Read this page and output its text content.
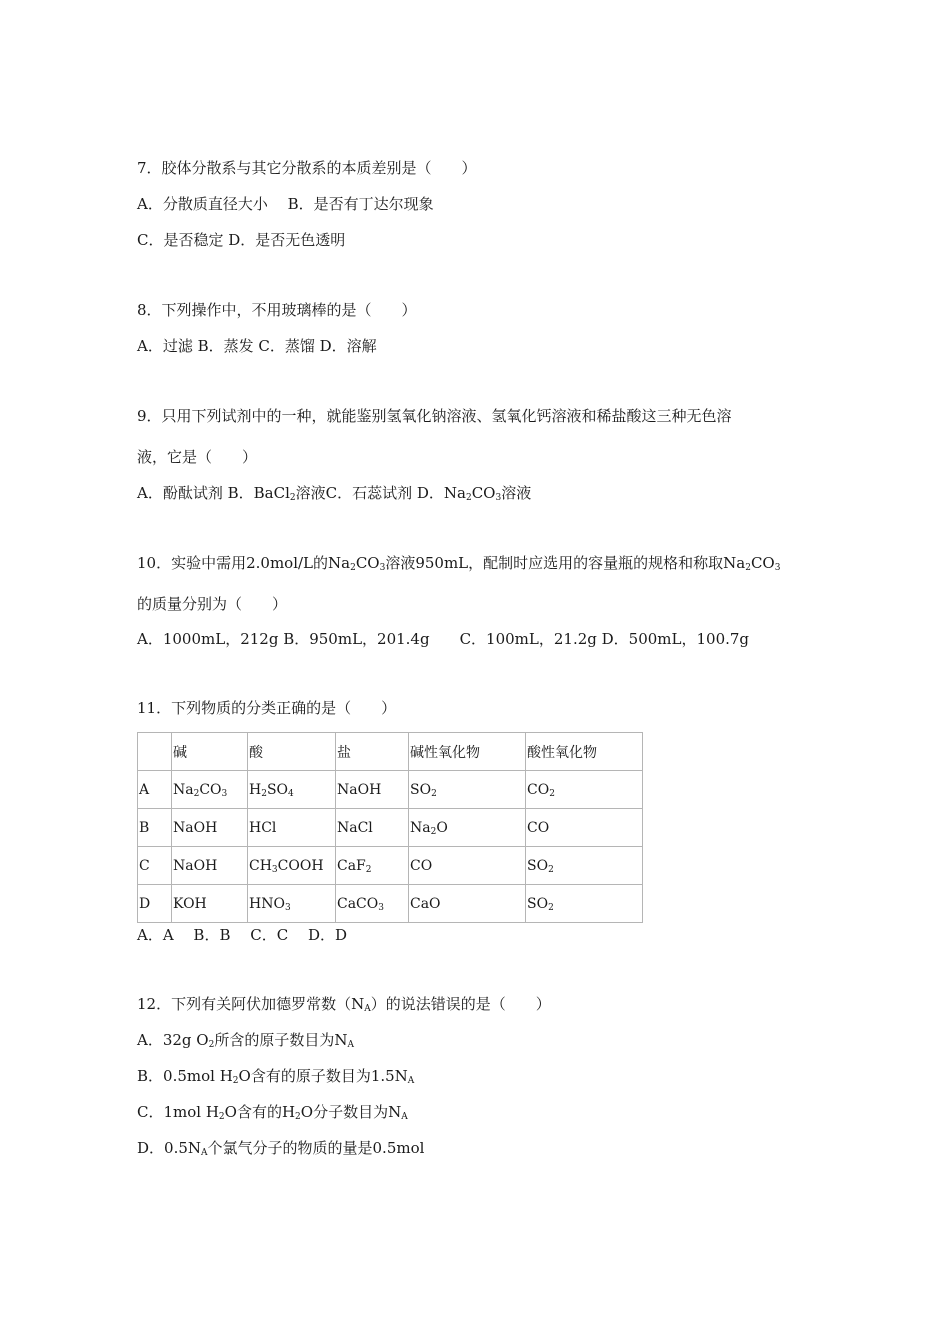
7．胶体分散系与其它分散系的本质差别是（　　）
A．分散质直径大小　 B．是否有丁达尔现象
C．是否稳定 D．是否无色透明
8．下列操作中，不用玻璃棒的是（　　）
A．过滤 B．蒸发 C．蒸馏 D．溶解
9．只用下列试剂中的一种，就能鉴别氢氧化钠溶液、氢氧化钙溶液和稀盐酸这三种无色溶
液，它是（　　）
A．酚酞试剂 B．BaCl$_2$溶液C．石蕊试剂 D．$Na_2CO_3$溶液
10．实验中需用2.0mol/L的$Na_2CO_3$溶液950mL，配制时应选用的容量瓶的规格和称取$Na_2CO_3$
的质量分别为（　　）
A．1000mL，212g B．950mL，201.4g　　C．100mL，21.2g D．500mL，100.7g
11．下列物质的分类正确的是（　　）
	碱	酸	盐	碱性氧化物	酸性氧化物
A	$Na_2CO_3$	$H_2SO_4$	NaOH	$SO_2$	$CO_2$
B	NaOH	HCl	NaCl	$Na_2O$	CO
C	NaOH	$CH_3COOH$	CaF$_2$	CO	$SO_2$
D	KOH	$HNO_3$	CaCO$_3$	CaO	$SO_2$
A．A　 B．B　 C．C　 D．D
12．下列有关阿伏加德罗常数$(N_A)$的说法错误的是（　　）
A．32g $O_2$所含的原子数目为$N_A$
B．0.5mol $H_2O$含有的原子数目为$1.5N_A$
C．1mol $H_2O$含有的$H_2O$分子数目为$N_A$
D．$0.5N_A$个氯气分子的物质的量是0.5mol
